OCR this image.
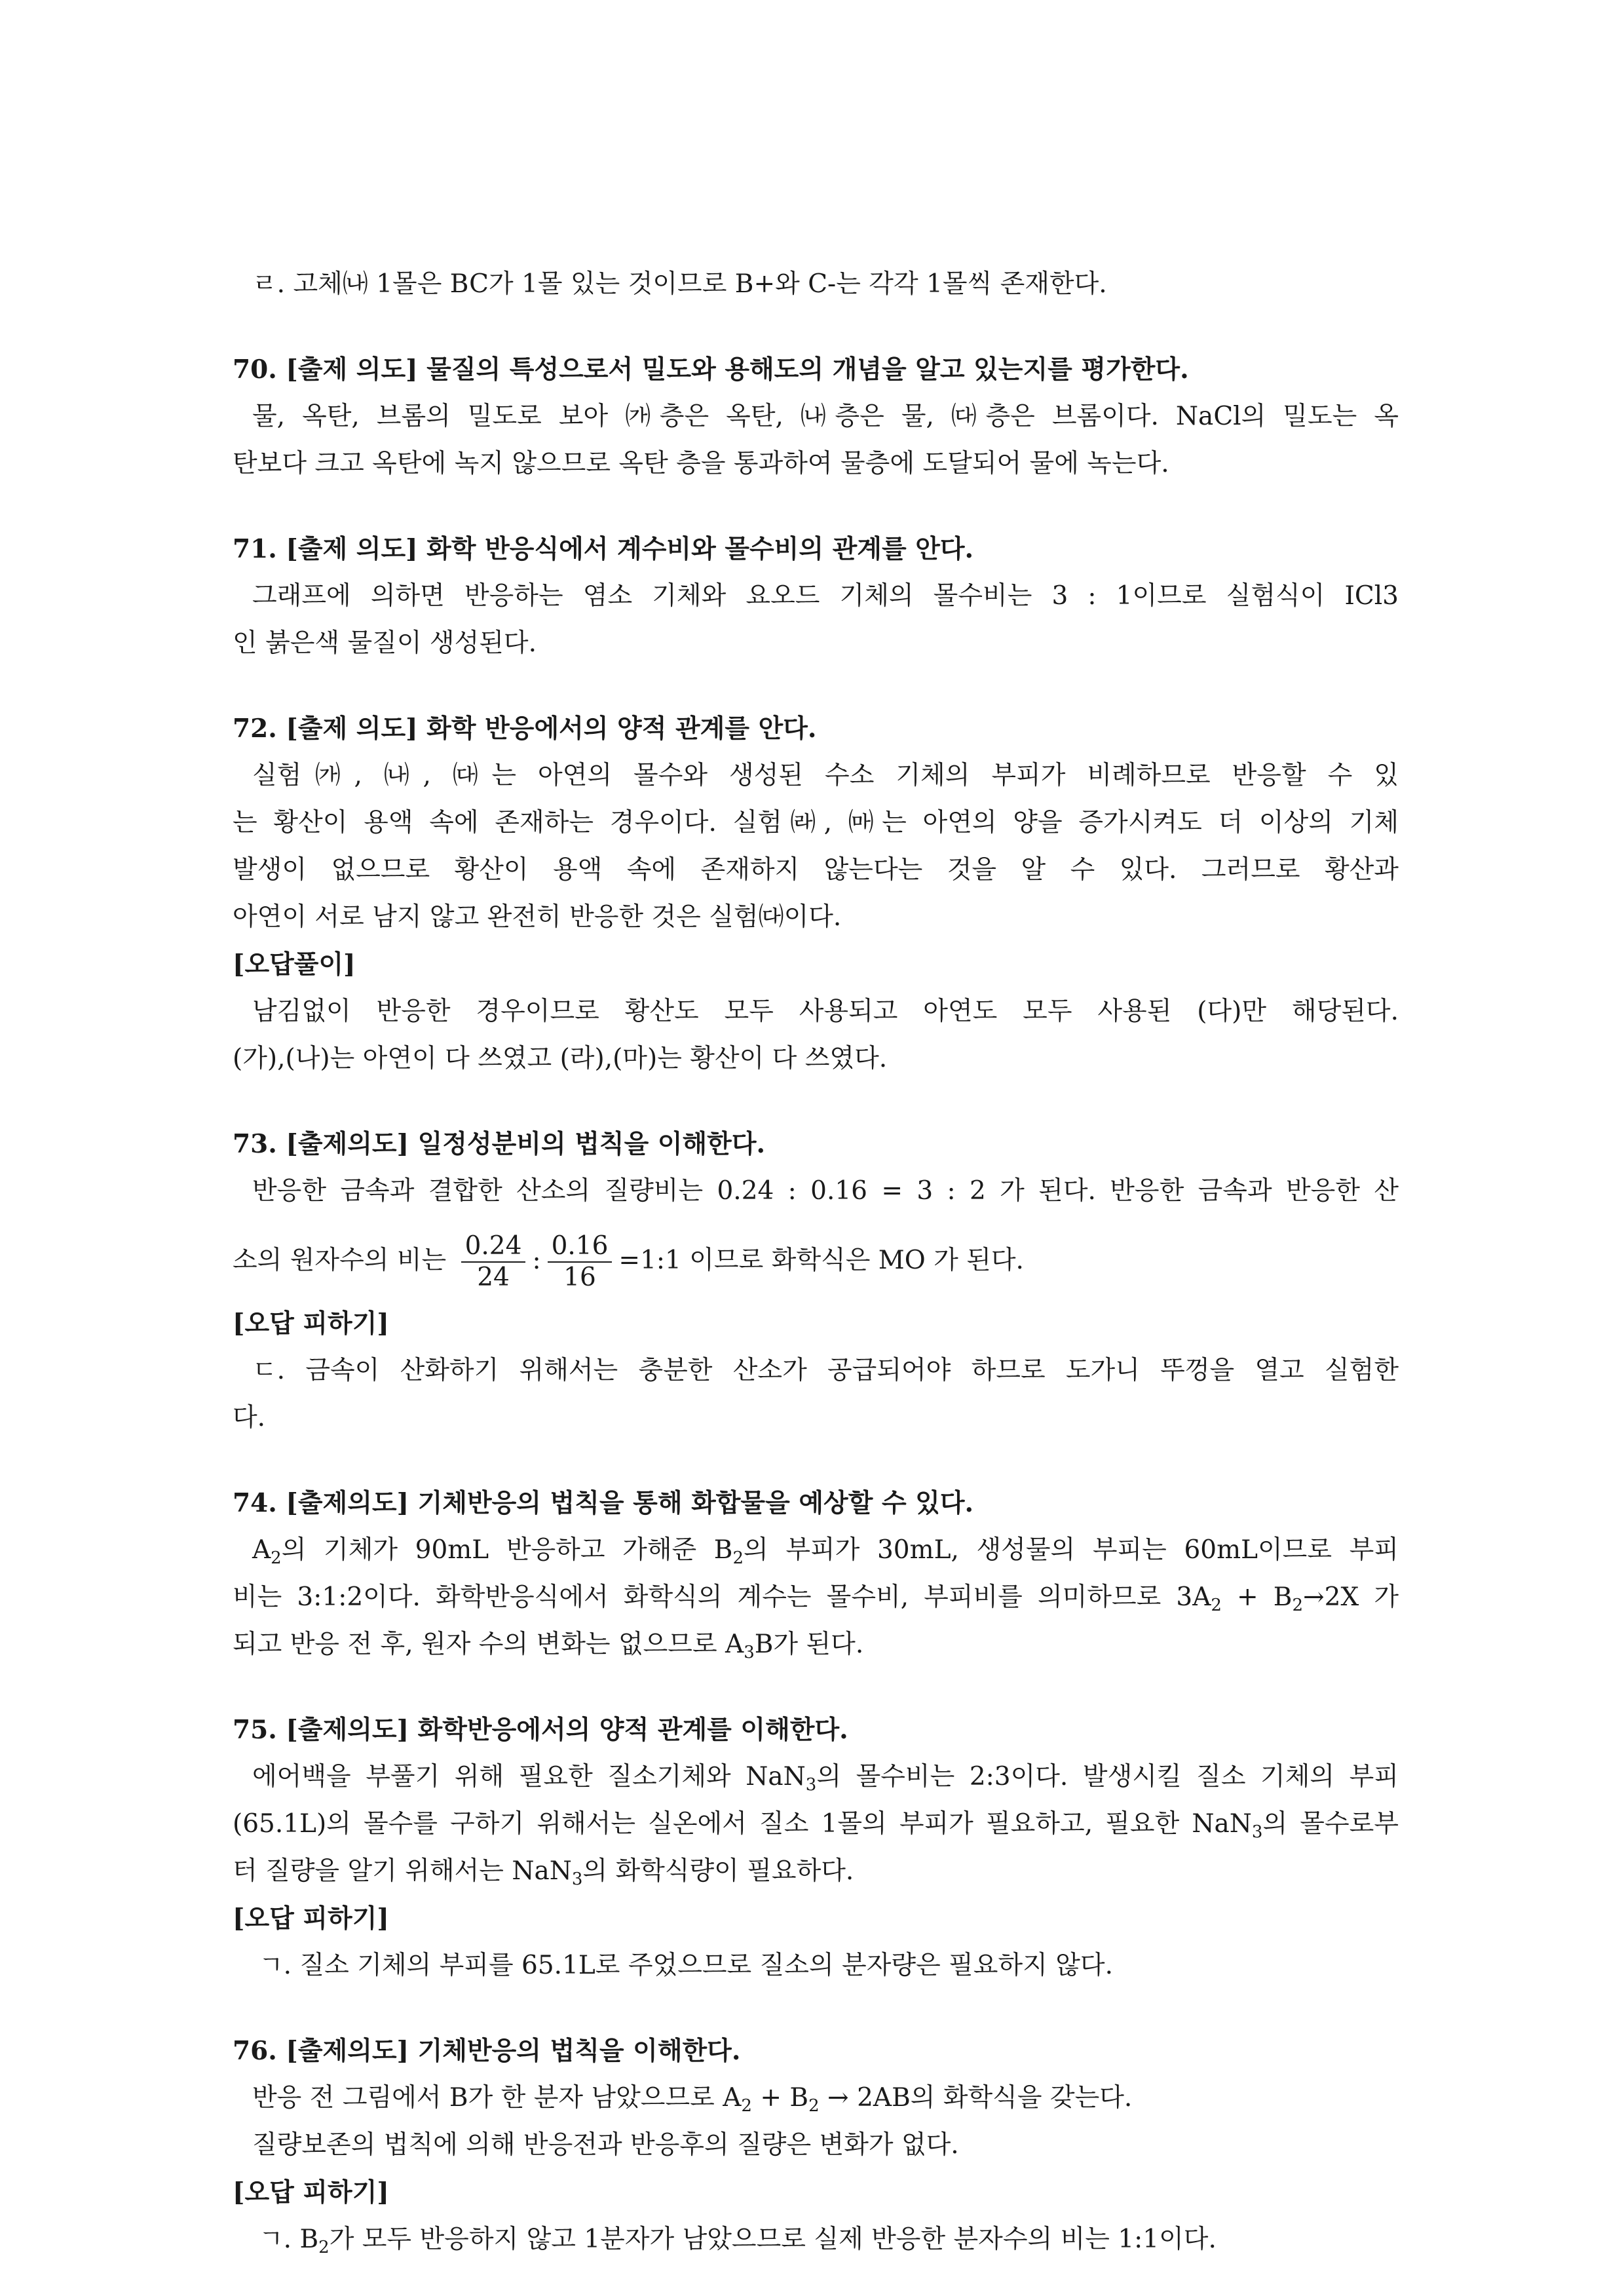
ㄹ. 고체㈏ 1몰은 BC가 1몰 있는 것이므로 B+와 C-는 각각 1몰씩 존재한다.
70. [출제 의도] 물질의 특성으로서 밀도와 용해도의 개념을 알고 있는지를 평가한다.
물, 옥탄, 브롬의 밀도로 보아 ㈎층은 옥탄, ㈏층은 물, ㈐층은 브롬이다. NaCl의 밀도는 옥
탄보다 크고 옥탄에 녹지 않으므로 옥탄 층을 통과하여 물층에 도달되어 물에 녹는다.
71. [출제 의도] 화학 반응식에서 계수비와 몰수비의 관계를 안다.
그래프에 의하면 반응하는 염소 기체와 요오드 기체의 몰수비는 3 : 1이므로 실험식이 ICl3
인 붉은색 물질이 생성된다.
72. [출제 의도] 화학 반응에서의 양적 관계를 안다.
실험㈎, ㈏, ㈐는 아연의 몰수와 생성된 수소 기체의 부피가 비례하므로 반응할 수 있
는 황산이 용액 속에 존재하는 경우이다. 실험㈑, ㈒는 아연의 양을 증가시켜도 더 이상의 기체
발생이 없으므로 황산이 용액 속에 존재하지 않는다는 것을 알 수 있다. 그러므로 황산과
아연이 서로 남지 않고 완전히 반응한 것은 실험㈐이다.
[오답풀이]
남김없이 반응한 경우이므로 황산도 모두 사용되고 아연도 모두 사용된 (다)만 해당된다.
(가),(나)는 아연이 다 쓰였고 (라),(마)는 황산이 다 쓰였다.
73. [출제의도] 일정성분비의 법칙을 이해한다.
반응한 금속과 결합한 산소의 질량비는 0.24 : 0.16 = 3 : 2 가 된다. 반응한 금속과 반응한 산
소의 원자수의 비는 $\frac{0.24}{24}$ : $\frac{0.16}{16}$ =1:1 이므로 화학식은 MO 가 된다.
[오답 피하기]
ㄷ. 금속이 산화하기 위해서는 충분한 산소가 공급되어야 하므로 도가니 뚜껑을 열고 실험한
다.
74. [출제의도] 기체반응의 법칙을 통해 화합물을 예상할 수 있다.
$A_2$의 기체가 90mL 반응하고 가해준 $B_2$의 부피가 30mL, 생성물의 부피는 60mL이므로 부피
비는 3:1:2이다. 화학반응식에서 화학식의 계수는 몰수비, 부피비를 의미하므로 $3A_2 + B_2\to 2X$ 가
되고 반응 전 후, 원자 수의 변화는 없으므로 $A_3B$가 된다.
75. [출제의도] 화학반응에서의 양적 관계를 이해한다.
에어백을 부풀기 위해 필요한 질소기체와 NaN$_3$의 몰수비는 2:3이다. 발생시킬 질소 기체의 부피
(65.1L)의 몰수를 구하기 위해서는 실온에서 질소 1몰의 부피가 필요하고, 필요한 NaN$_3$의 몰수로부
터 질량을 알기 위해서는 NaN$_3$의 화학식량이 필요하다.
[오답 피하기]
ㄱ. 질소 기체의 부피를 65.1L로 주었으므로 질소의 분자량은 필요하지 않다.
76. [출제의도] 기체반응의 법칙을 이해한다.
반응 전 그림에서 B가 한 분자 남았으므로 $A_2 + B_2 \to 2AB$의 화학식을 갖는다.
질량보존의 법칙에 의해 반응전과 반응후의 질량은 변화가 없다.
[오답 피하기]
ㄱ. $B_2$가 모두 반응하지 않고 1분자가 남았으므로 실제 반응한 분자수의 비는 1:1이다.
